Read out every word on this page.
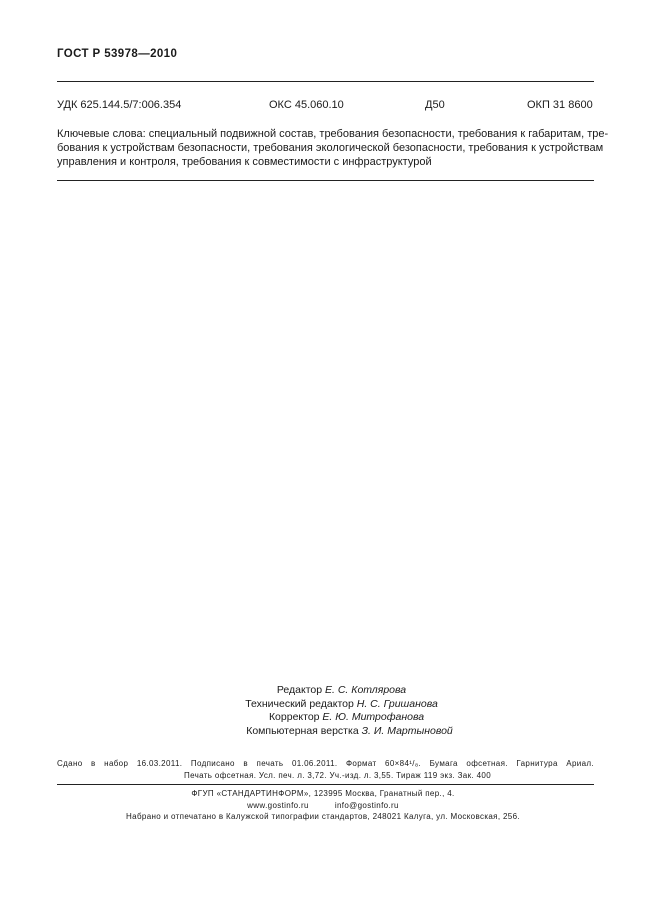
ГОСТ Р 53978—2010
УДК 625.144.5/7:006.354	ОКС 45.060.10	Д50	ОКП 31 8600
Ключевые слова: специальный подвижной состав, требования безопасности, требования к габаритам, тре-
бования к устройствам безопасности, требования экологической безопасности, требования к устройствам
управления и контроля, требования к совместимости с инфраструктурой
Редактор Е. С. Котлярова
Технический редактор Н. С. Гришанова
Корректор Е. Ю. Митрофанова
Компьютерная верстка З. И. Мартыновой
Сдано в набор 16.03.2011. Подписано в печать 01.06.2011. Формат 60×84¹/₈. Бумага офсетная. Гарнитура Ариал.
Печать офсетная. Усл. печ. л. 3,72. Уч.-изд. л. 3,55. Тираж 119 экз. Зак. 400
ФГУП «СТАНДАРТИНФОРМ», 123995 Москва, Гранатный пер., 4.
www.gostinfo.ru	info@gostinfo.ru
Набрано и отпечатано в Калужской типографии стандартов, 248021 Калуга, ул. Московская, 256.
